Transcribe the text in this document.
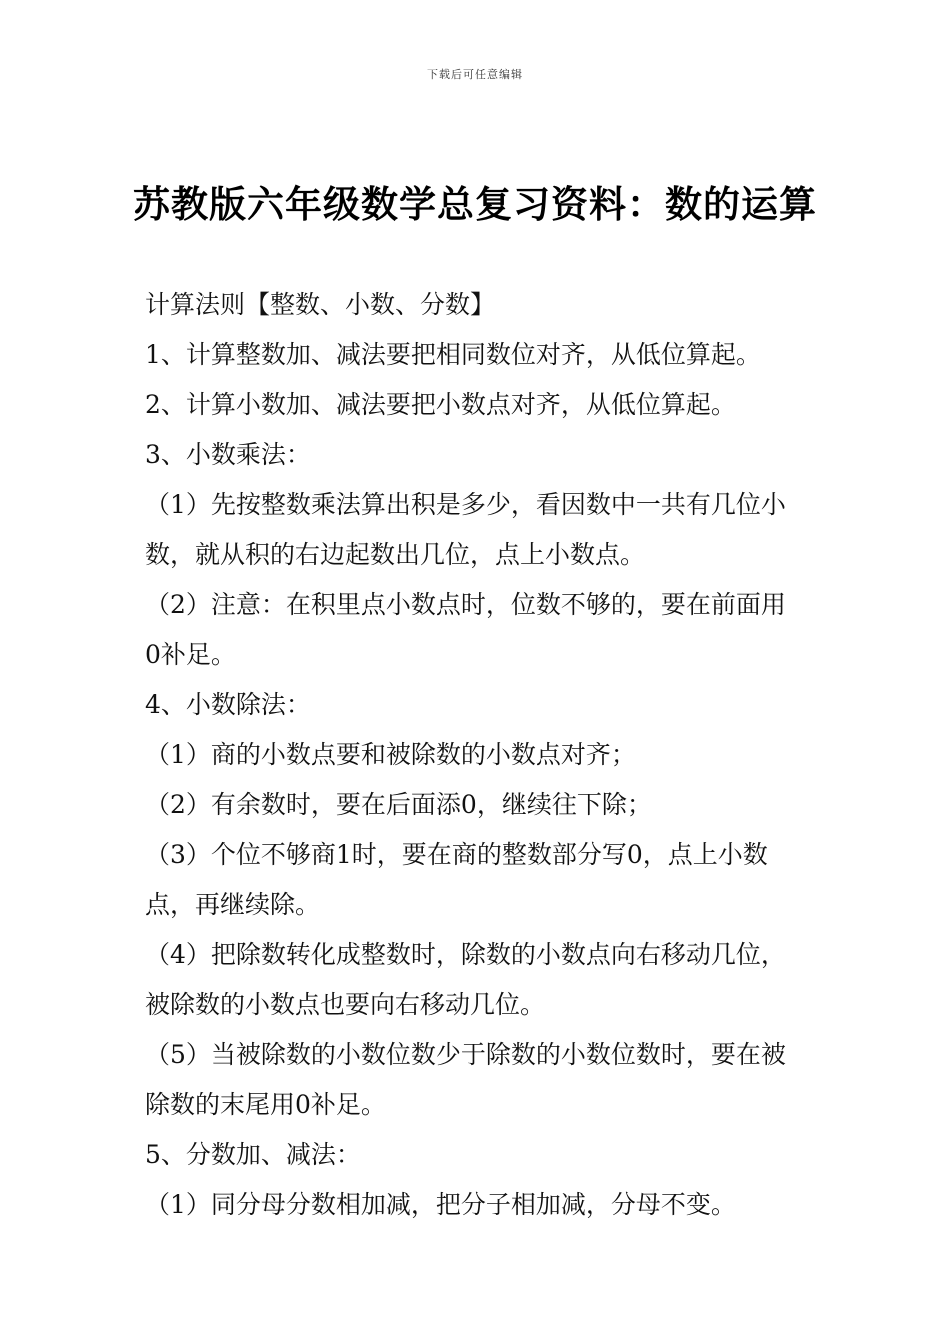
下载后可任意编辑
苏教版六年级数学总复习资料：数的运算
计算法则【整数、小数、分数】
1、计算整数加、减法要把相同数位对齐，从低位算起。
2、计算小数加、减法要把小数点对齐，从低位算起。
3、小数乘法：
（1）先按整数乘法算出积是多少，看因数中一共有几位小
数，就从积的右边起数出几位，点上小数点。
（2）注意：在积里点小数点时，位数不够的，要在前面用
0补足。
4、小数除法：
（1）商的小数点要和被除数的小数点对齐；
（2）有余数时，要在后面添0，继续往下除；
（3）个位不够商1时，要在商的整数部分写0，点上小数
点，再继续除。
（4）把除数转化成整数时，除数的小数点向右移动几位，
被除数的小数点也要向右移动几位。
（5）当被除数的小数位数少于除数的小数位数时，要在被
除数的末尾用0补足。
5、分数加、减法：
（1）同分母分数相加减，把分子相加减，分母不变。
